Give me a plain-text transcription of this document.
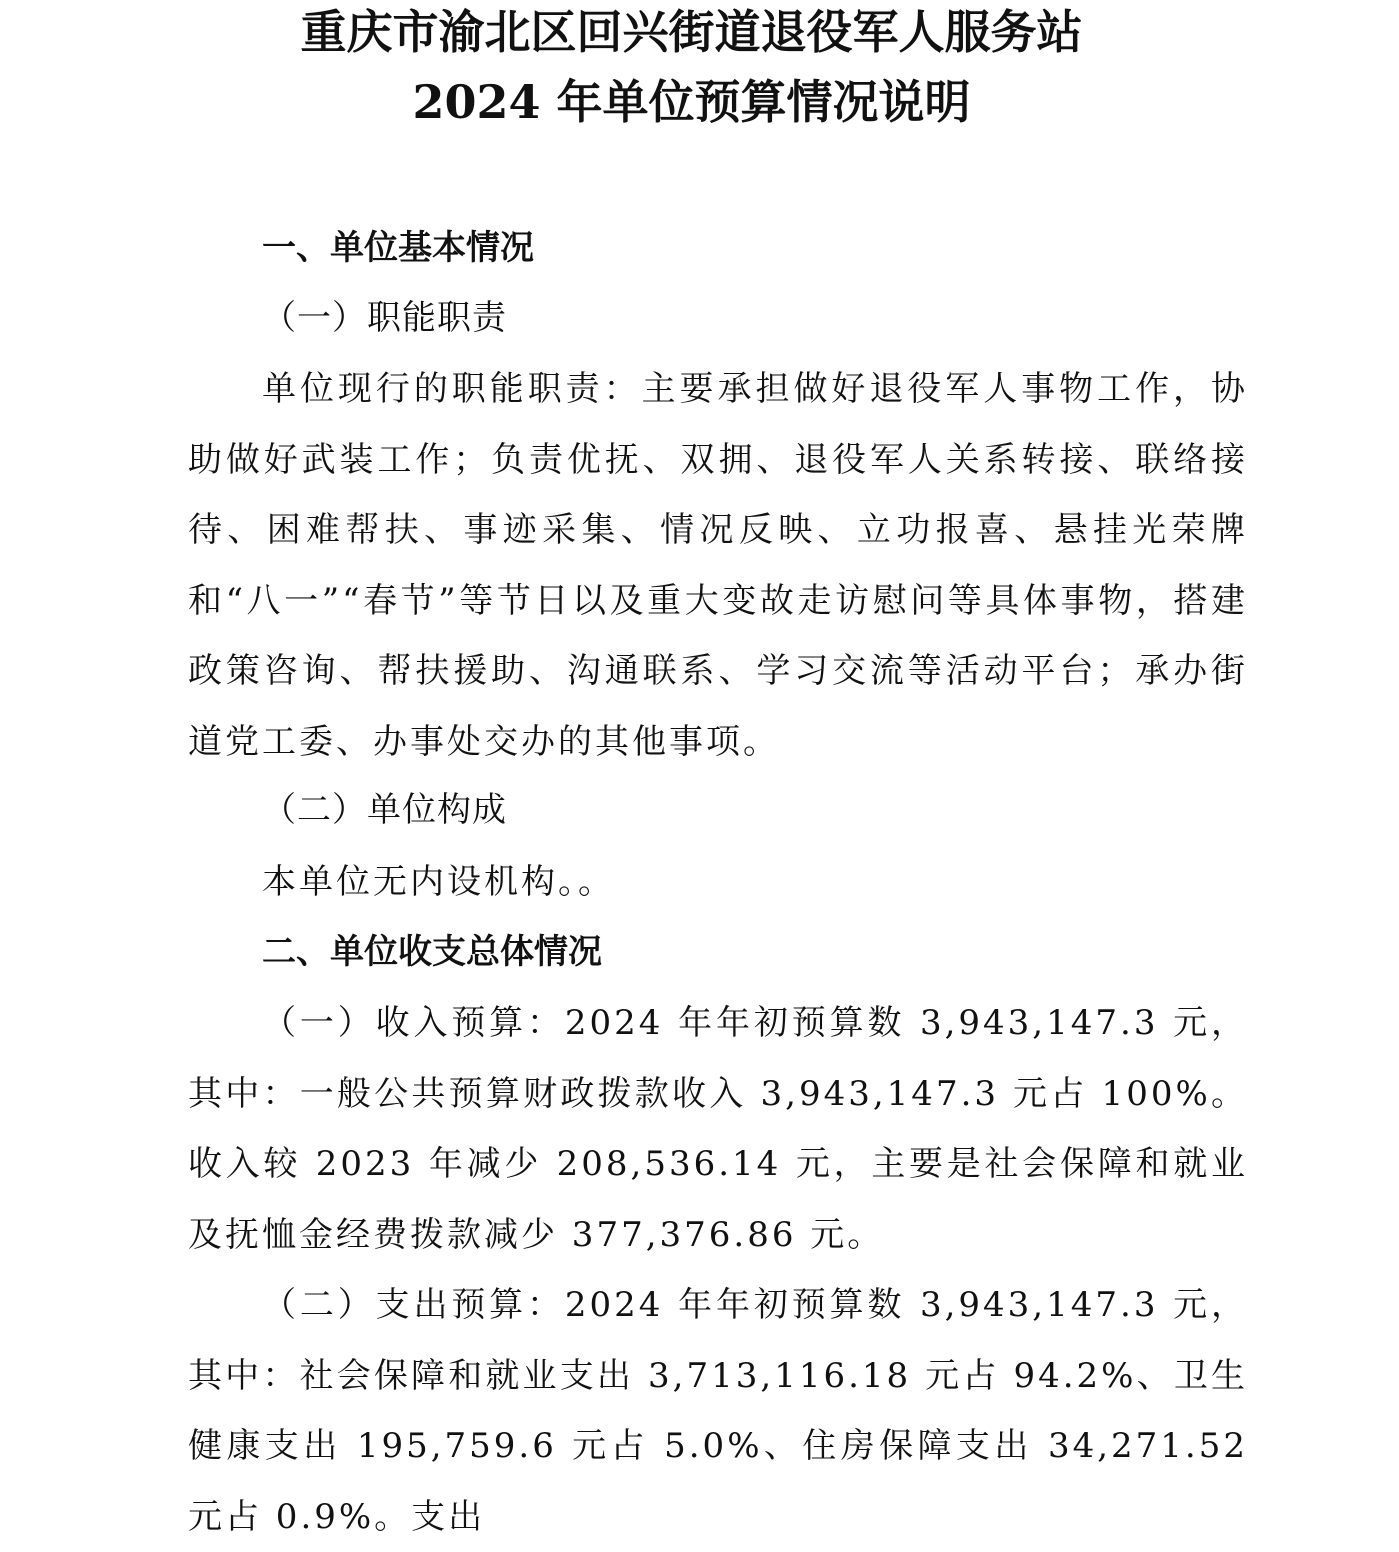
重庆市渝北区回兴街道退役军人服务站
2024 年单位预算情况说明
一、单位基本情况
（一）职能职责
单位现行的职能职责：主要承担做好退役军人事物工作，协助做好武装工作；负责优抚、双拥、退役军人关系转接、联络接待、困难帮扶、事迹采集、情况反映、立功报喜、悬挂光荣牌和“八一”“春节”等节日以及重大变故走访慰问等具体事物，搭建政策咨询、帮扶援助、沟通联系、学习交流等活动平台；承办街道党工委、办事处交办的其他事项。
（二）单位构成
本单位无内设机构。。
二、单位收支总体情况
（一）收入预算：2024 年年初预算数 3,943,147.3 元，其中：一般公共预算财政拨款收入 3,943,147.3 元占 100%。收入较 2023 年减少 208,536.14 元，主要是社会保障和就业及抚恤金经费拨款减少 377,376.86 元。
（二）支出预算：2024 年年初预算数 3,943,147.3 元，其中：社会保障和就业支出 3,713,116.18 元占 94.2%、卫生健康支出 195,759.6 元占 5.0%、住房保障支出 34,271.52 元占 0.9%。支出
